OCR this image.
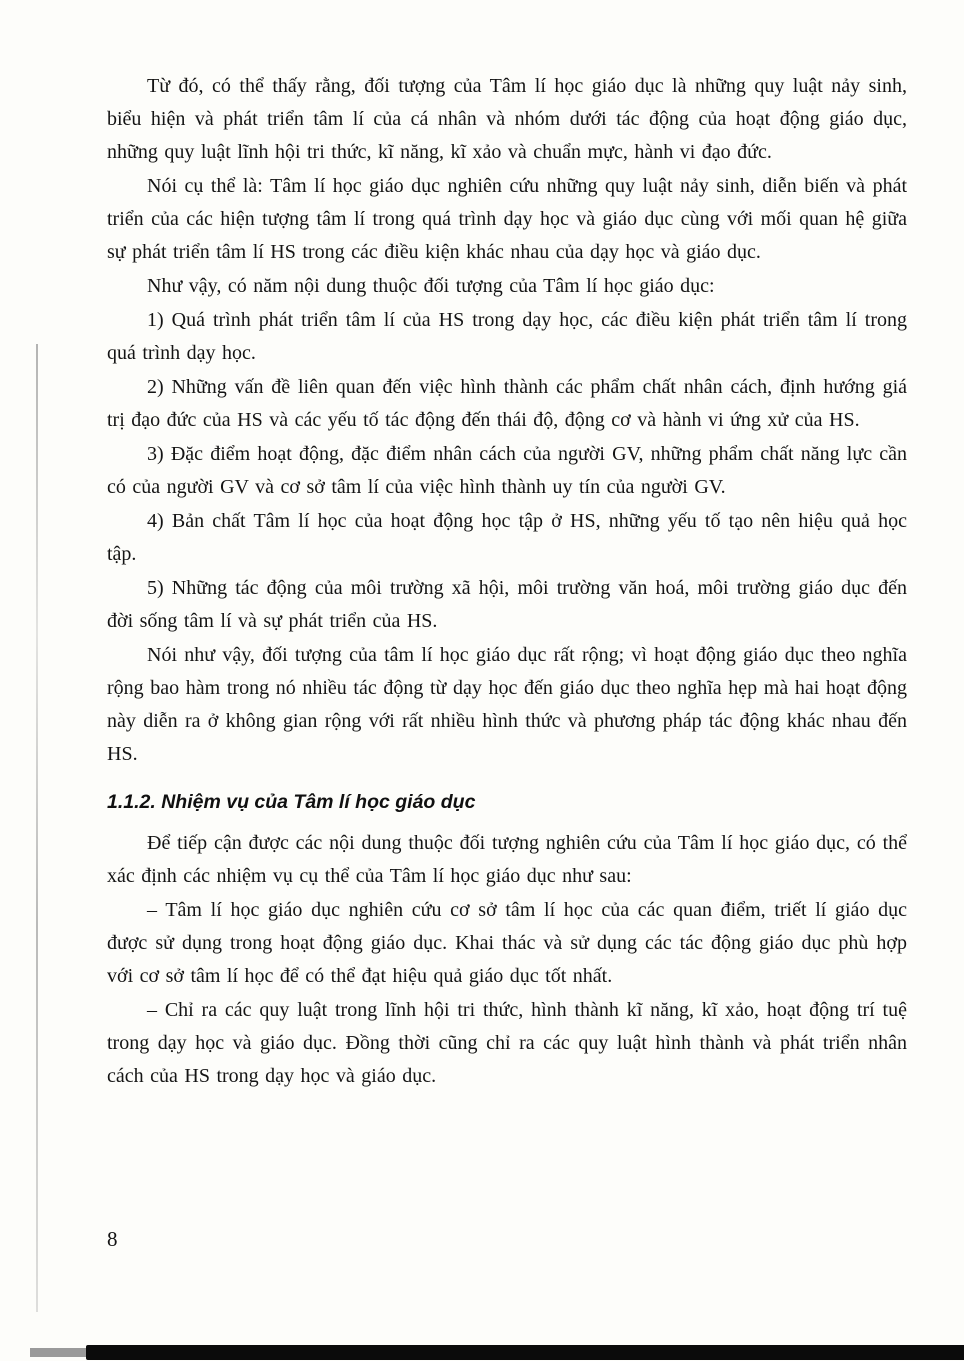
Từ đó, có thể thấy rằng, đối tượng của Tâm lí học giáo dục là những quy luật nảy sinh, biểu hiện và phát triển tâm lí của cá nhân và nhóm dưới tác động của hoạt động giáo dục, những quy luật lĩnh hội tri thức, kĩ năng, kĩ xảo và chuẩn mực, hành vi đạo đức.

Nói cụ thể là: Tâm lí học giáo dục nghiên cứu những quy luật nảy sinh, diễn biến và phát triển của các hiện tượng tâm lí trong quá trình dạy học và giáo dục cùng với mối quan hệ giữa sự phát triển tâm lí HS trong các điều kiện khác nhau của dạy học và giáo dục.

Như vậy, có năm nội dung thuộc đối tượng của Tâm lí học giáo dục:

1) Quá trình phát triển tâm lí của HS trong dạy học, các điều kiện phát triển tâm lí trong quá trình dạy học.

2) Những vấn đề liên quan đến việc hình thành các phẩm chất nhân cách, định hướng giá trị đạo đức của HS và các yếu tố tác động đến thái độ, động cơ và hành vi ứng xử của HS.

3) Đặc điểm hoạt động, đặc điểm nhân cách của người GV, những phẩm chất năng lực cần có của người GV và cơ sở tâm lí của việc hình thành uy tín của người GV.

4) Bản chất Tâm lí học của hoạt động học tập ở HS, những yếu tố tạo nên hiệu quả học tập.

5) Những tác động của môi trường xã hội, môi trường văn hoá, môi trường giáo dục đến đời sống tâm lí và sự phát triển của HS.

Nói như vậy, đối tượng của tâm lí học giáo dục rất rộng; vì hoạt động giáo dục theo nghĩa rộng bao hàm trong nó nhiều tác động từ dạy học đến giáo dục theo nghĩa hẹp mà hai hoạt động này diễn ra ở không gian rộng với rất nhiều hình thức và phương pháp tác động khác nhau đến HS.

1.1.2. Nhiệm vụ của Tâm lí học giáo dục

Để tiếp cận được các nội dung thuộc đối tượng nghiên cứu của Tâm lí học giáo dục, có thể xác định các nhiệm vụ cụ thể của Tâm lí học giáo dục như sau:

– Tâm lí học giáo dục nghiên cứu cơ sở tâm lí học của các quan điểm, triết lí giáo dục được sử dụng trong hoạt động giáo dục. Khai thác và sử dụng các tác động giáo dục phù hợp với cơ sở tâm lí học để có thể đạt hiệu quả giáo dục tốt nhất.

– Chỉ ra các quy luật trong lĩnh hội tri thức, hình thành kĩ năng, kĩ xảo, hoạt động trí tuệ trong dạy học và giáo dục. Đồng thời cũng chỉ ra các quy luật hình thành và phát triển nhân cách của HS trong dạy học và giáo dục.

8
